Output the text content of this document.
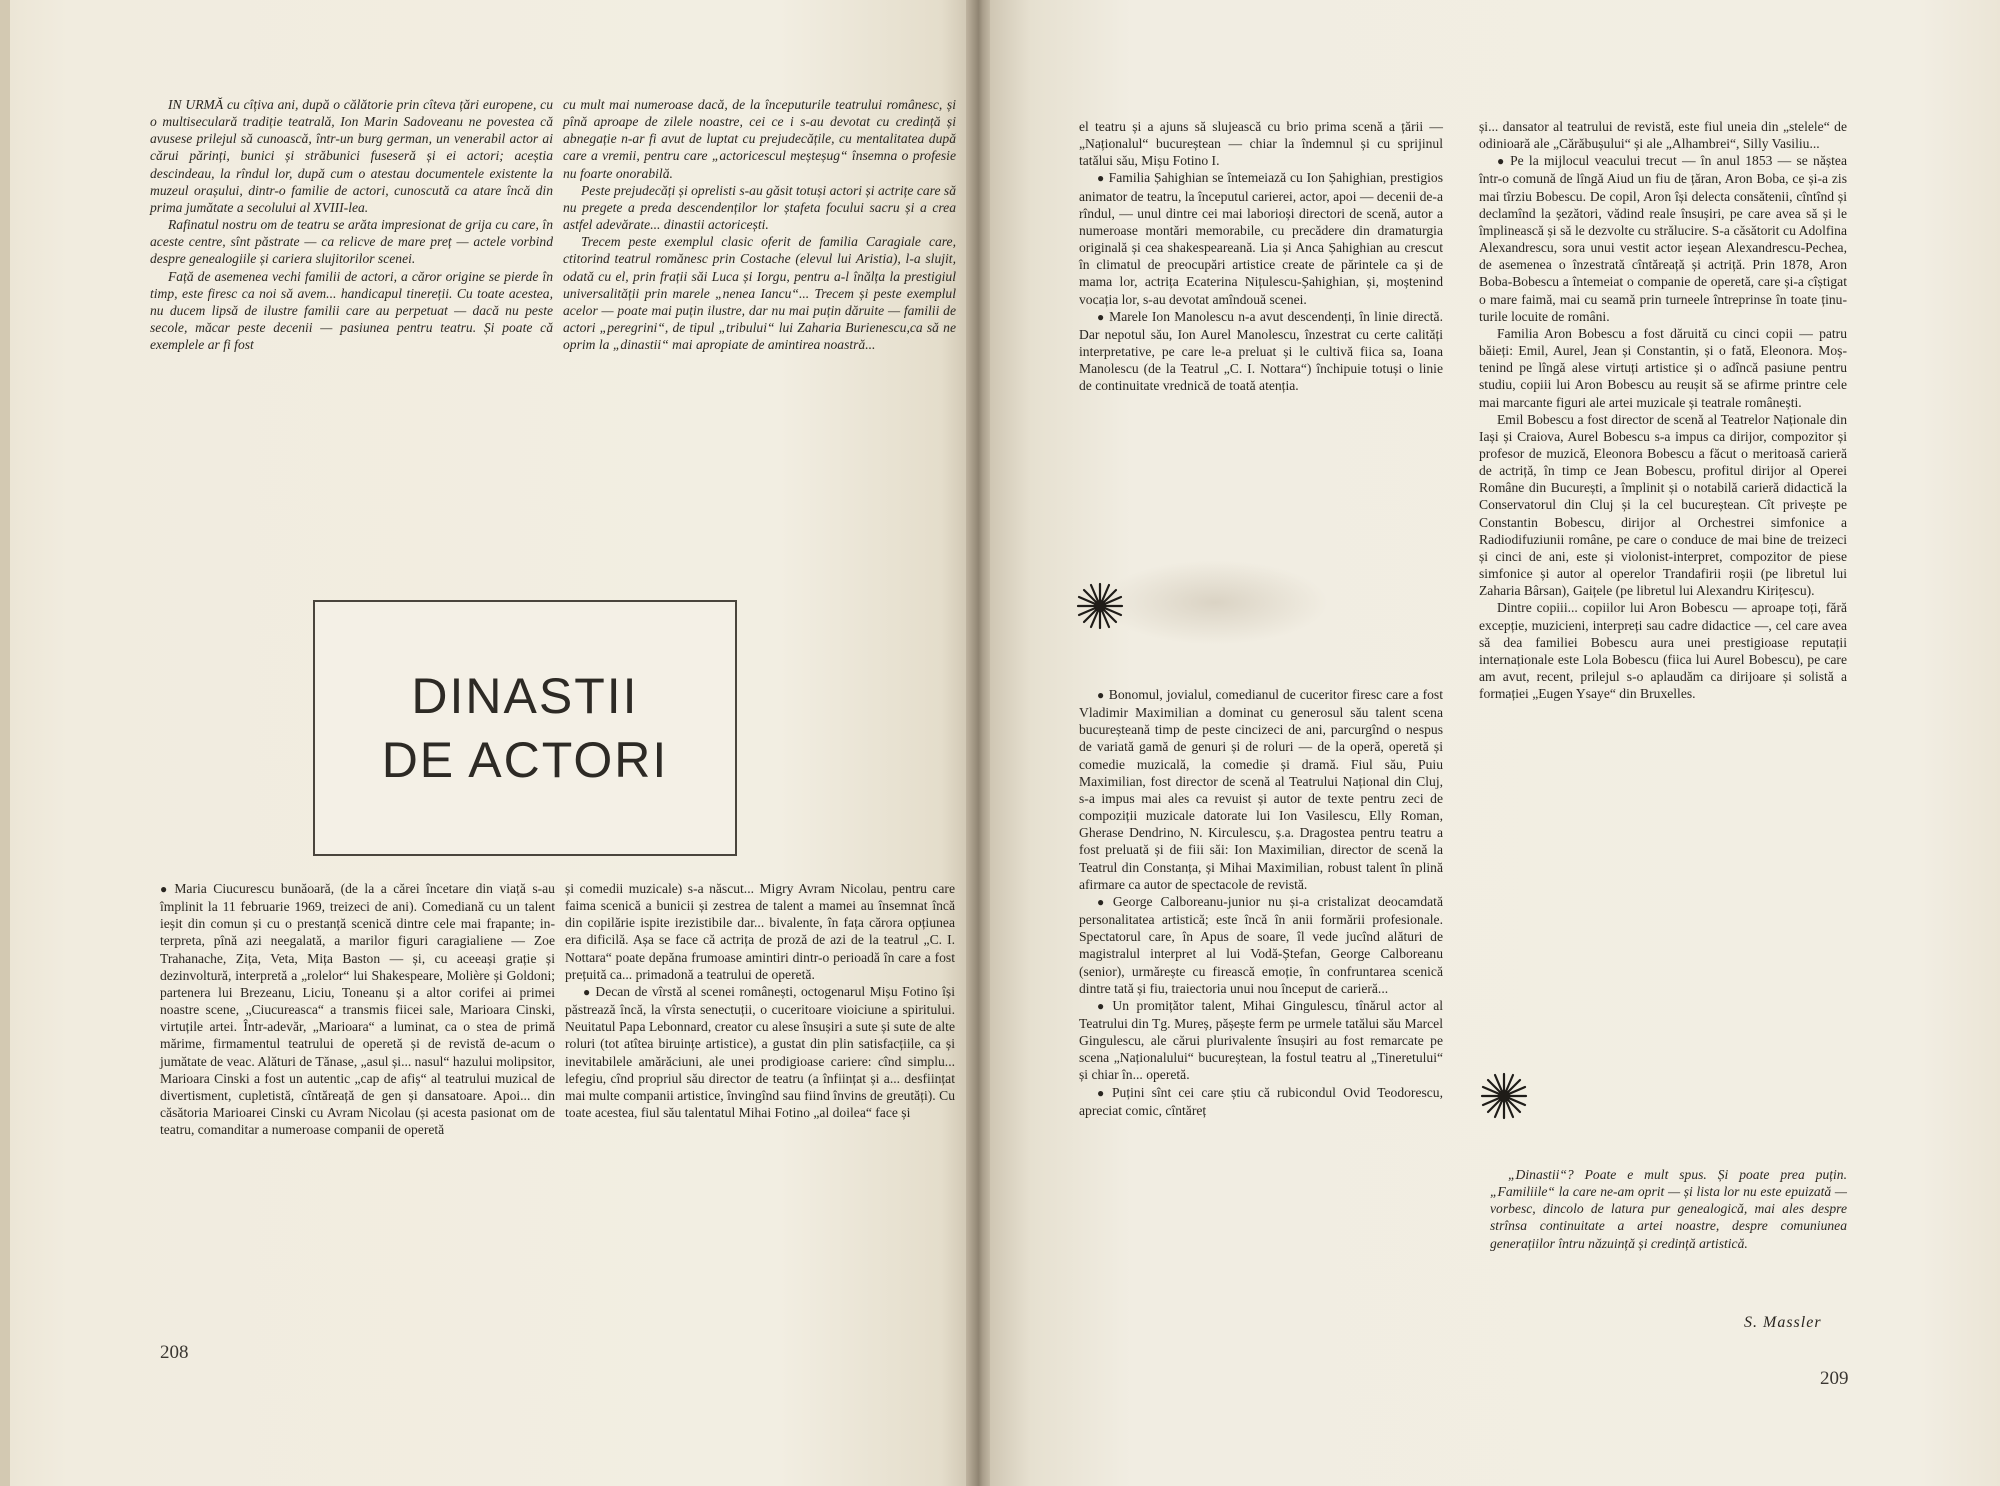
IN URMĂ cu cîțiva ani, după o călătorie prin cîteva țări europene, cu o multiseculară tradiție teatrală, Ion Marin Sadoveanu ne povestea că avusese prilejul să cunoască, într-un burg german, un venerabil actor ai cărui părinți, bunici și străbunici fuseseră și ei actori; aceștia descindeau, la rîndul lor, după cum o atestau documentele existente la muzeul orașului, dintr-o familie de actori, cunoscută ca atare încă din prima jumătate a secolului al XVIII-lea.

Rafinatul nostru om de teatru se arăta impresionat de grija cu care, în aceste centre, sînt păstrate — ca relicve de mare preț — actele vorbind despre genealogiile și cariera slujitorilor scenei.

Față de asemenea vechi familii de actori, a căror origine se pierde în timp, este firesc ca noi să avem... handicapul tinereții. Cu toate acestea, nu ducem lipsă de ilustre familii care au perpetuat — dacă nu peste secole, măcar peste decenii — pasiunea pentru teatru. Și poate că exemplele ar fi fost

cu mult mai numeroase dacă, de la începuturile teatrului românesc, și pînă aproape de zilele noastre, cei ce i s-au devotat cu credință și abnegație n-ar fi avut de luptat cu prejudecățile, cu mentalitatea după care a vremii, pentru care „actoricescul meșteșug“ însemna o profesie nu foarte onorabilă.

Peste prejudecăți și oprelisti s-au găsit totuși actori și actrițe care să nu pregete a preda descendenților lor ștafeta focului sacru și a crea astfel adevărate... dinastii actoricești.

Trecem peste exemplul clasic oferit de familia Caragiale care, ctitorind teatrul romănesc prin Costache (elevul lui Aristia), l-a slujit, odată cu el, prin frații săi Luca și Iorgu, pentru a-l înălța la prestigiul universalității prin marele „nenea Iancu“... Trecem și peste exemplul acelor — poate mai puțin ilustre, dar nu mai puțin dăruite — familii de actori „peregrini“, de tipul „tribului“ lui Zaharia Burienescu,ca să ne oprim la „dinastii“ mai apropiate de amintirea noastră...

DINASTII
DE ACTORI

● Maria Ciucurescu bunăoară, (de la a cărei încetare din viață s-au împlinit la 11 februarie 1969, treizeci de ani). Comediană cu un talent ieșit din comun și cu o prestanță scenică dintre cele mai frapante; interpreta, pînă azi neegalată, a marilor figuri caragialiene — Zoe Trahanache, Zița, Veta, Mița Baston — și, cu aceeași grație și dezinvoltură, interpretă a „rolelor“ lui Shakespeare, Molière și Goldoni; partenera lui Brezeanu, Liciu, Toneanu și a altor corifei ai primei noastre scene, „Ciucureasca“ a transmis fiicei sale, Marioara Cinski, virtuțile artei. Într-adevăr, „Marioara“ a luminat, ca o stea de primă mărime, firmamentul teatrului de operetă și de revistă de-acum o jumătate de veac. Alături de Tănase, „asul și... nasul“ hazului molipsitor, Marioara Cinski a fost un autentic „cap de afiș“ al teatrului muzical de divertisment, cupletistă, cîntăreață de gen și dansatoare. Apoi... din căsătoria Marioarei Cinski cu Avram Nicolau (și acesta pasionat om de teatru, comanditar a numeroase companii de operetă

și comedii muzicale) s-a născut... Migry Avram Nicolau, pentru care faima scenică a bunicii și zestrea de talent a mamei au însemnat încă din copilărie ispite irezistibile dar... bivalente, în fața cărora opțiunea era dificilă. Așa se face că actrița de proză de azi de la teatrul „C. I. Nottara“ poate depăna frumoase amintiri dintr-o perioadă în care a fost prețuită ca... primadonă a teatrului de operetă.

● Decan de vîrstă al scenei românești, octogenarul Mișu Fotino își păstrează încă, la vîrsta senectuții, o cuceritoare vioiciune a spiritului. Neuitatul Papa Lebonnard, creator cu alese însușiri a sute și sute de alte roluri (tot atîtea biruințe artistice), a gustat din plin satisfacțiile, ca și inevitabilele amărăciuni, ale unei prodigioase cariere: cînd simplu... lefegiu, cînd propriul său director de teatru (a înființat și a... desființat mai multe companii artistice, învingînd sau fiind învins de greutăți). Cu toate acestea, fiul său talentatul Mihai Fotino „al doilea“ face și

208

el teatru și a ajuns să slujească cu brio prima scenă a țării — „Naționalul“ bucureștean — chiar la îndemnul și cu sprijinul tatălui său, Mișu Fotino I.

● Familia Șahighian se întemeiază cu Ion Șahighian, prestigios animator de teatru, la începutul carierei, actor, apoi — decenii de-a rîndul, — unul dintre cei mai laborioși directori de scenă, autor a numeroase montări memorabile, cu precădere din dramaturgia originală și cea shakespeareană. Lia și Anca Șahighian au crescut în climatul de preocupări artistice create de părintele ca și de mama lor, actrița Ecaterina Nițulescu-Șahighian, și, moștenind vocația lor, s-au devotat amîndouă scenei.

● Marele Ion Manolescu n-a avut descendenți, în linie directă. Dar nepotul său, Ion Aurel Manolescu, înzestrat cu certe calități interpretative, pe care le-a preluat și le cultivă fiica sa, Ioana Manolescu (de la Teatrul „C. I. Nottara“) închipuie totuși o linie de continuitate vrednică de toată atenția.

● Bonomul, jovialul, comedianul de cuceritor firesc care a fost Vladimir Maximilian a dominat cu generosul său talent scena bucureșteană timp de peste cincizeci de ani, parcurgînd o nespus de variată gamă de genuri și de roluri — de la operă, operetă și comedie muzicală, la comedie și dramă. Fiul său, Puiu Maximilian, fost director de scenă al Teatrului Național din Cluj, s-a impus mai ales ca revuist și autor de texte pentru zeci de compoziții muzicale datorate lui Ion Vasilescu, Elly Roman, Gherase Dendrino, N. Kirculescu, ș.a. Dragostea pentru teatru a fost preluată și de fiii săi: Ion Maximilian, director de scenă la Teatrul din Constanța, și Mihai Maximilian, robust talent în plină afirmare ca autor de spectacole de revistă.

● George Calboreanu-junior nu și-a cristalizat deocamdată personalitatea artistică; este încă în anii formării profesionale. Spectatorul care, în Apus de soare, îl vede jucînd alături de magistralul interpret al lui Vodă-Ștefan, George Calboreanu (senior), urmărește cu firească emoție, în confruntarea scenică dintre tată și fiu, traiectoria unui nou început de carieră...

● Un promițător talent, Mihai Gingulescu, tînărul actor al Teatrului din Tg. Mureș, pășește ferm pe urmele tatălui său Marcel Gingulescu, ale cărui plurivalente însușiri au fost remarcate pe scena „Naționalului“ bucureștean, la fostul teatru al „Tineretului“ și chiar în... operetă.

● Puțini sînt cei care știu că rubicondul Ovid Teodorescu, apreciat comic, cîntăreț

și... dansator al teatrului de revistă, este fiul uneia din „stelele“ de odinioară ale „Cărăbușului“ și ale „Alhambrei“, Silly Vasiliu...

● Pe la mijlocul veacului trecut — în anul 1853 — se năștea într-o comună de lîngă Aiud un fiu de țăran, Aron Boba, ce și-a zis mai tîrziu Bobescu. De copil, Aron își delecta consătenii, cîntînd și declamînd la șezători, vădind reale însușiri, pe care avea să și le împlinească și să le dezvolte cu strălucire. S-a căsătorit cu Adolfina Alexandrescu, sora unui vestit actor ieșean Alexandrescu-Pechea, de asemenea o înzestrată cîntăreață și actriță. Prin 1878, Aron Boba-Bobescu a întemeiat o companie de operetă, care și-a cîștigat o mare faimă, mai cu seamă prin turneele întreprinse în toate ținuturile locuite de români.

Familia Aron Bobescu a fost dăruită cu cinci copii — patru băieți: Emil, Aurel, Jean și Constantin, și o fată, Eleonora. Moștenind pe lîngă alese virtuți artistice și o adîncă pasiune pentru studiu, copiii lui Aron Bobescu au reușit să se afirme printre cele mai marcante figuri ale artei muzicale și teatrale românești.

Emil Bobescu a fost director de scenă al Teatrelor Naționale din Iași și Craiova, Aurel Bobescu s-a impus ca dirijor, compozitor și profesor de muzică, Eleonora Bobescu a făcut o meritoasă carieră de actriță, în timp ce Jean Bobescu, profitul dirijor al Operei Române din București, a împlinit și o notabilă carieră didactică la Conservatorul din Cluj și la cel bucureștean. Cît privește pe Constantin Bobescu, dirijor al Orchestrei simfonice a Radiodifuziunii române, pe care o conduce de mai bine de treizeci și cinci de ani, este și violonist-interpret, compozitor de piese simfonice și autor al operelor Trandafirii roșii (pe libretul lui Zaharia Bârsan), Gaițele (pe libretul lui Alexandru Kirițescu).

Dintre copiii... copiilor lui Aron Bobescu — aproape toți, fără excepție, muzicieni, interpreți sau cadre didactice —, cel care avea să dea familiei Bobescu aura unei prestigioase reputații internaționale este Lola Bobescu (fiica lui Aurel Bobescu), pe care am avut, recent, prilejul s-o aplaudăm ca dirijoare și solistă a formației „Eugen Ysaye“ din Bruxelles.

„Dinastii“? Poate e mult spus. Și poate prea puțin. „Familiile“ la care ne-am oprit — și lista lor nu este epuizată — vorbesc, dincolo de latura pur genealogică, mai ales despre strînsa continuitate a artei noastre, despre comuniunea generațiilor întru năzuință și credință artistică.

S. Massler
209
